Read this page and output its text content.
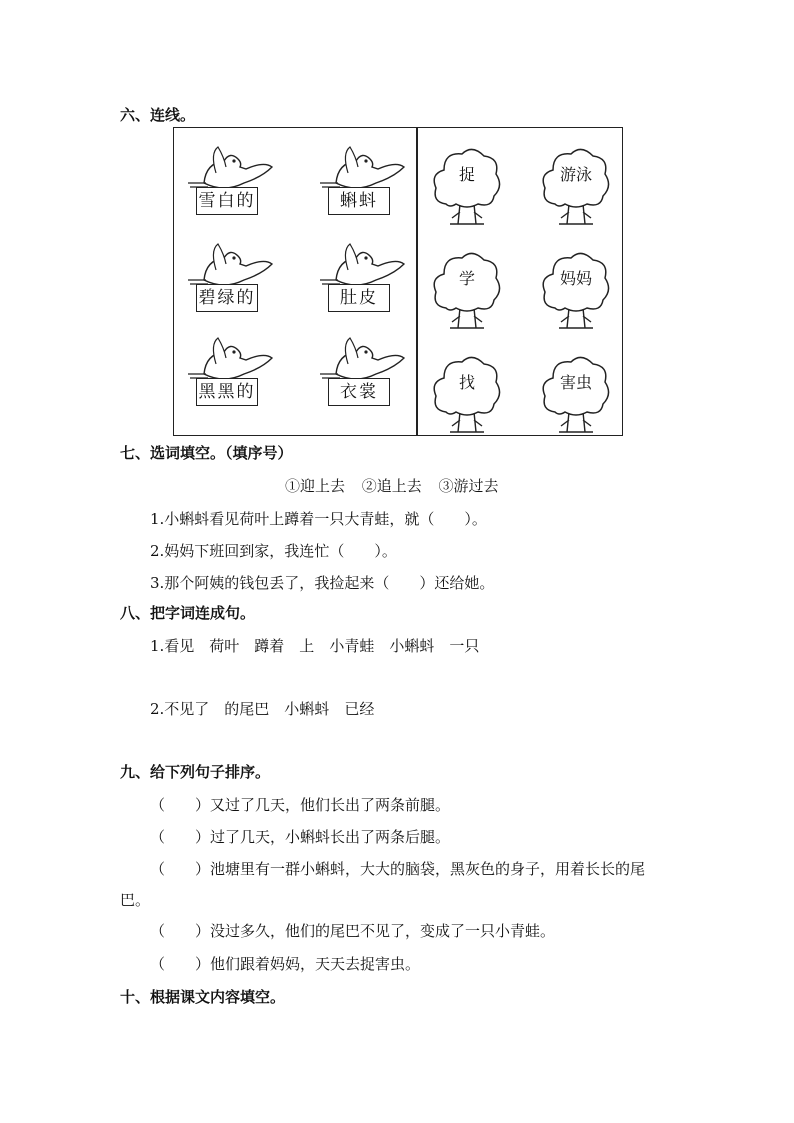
六、连线。
雪白的	蝌蚪
碧绿的	肚皮
黑黑的	衣裳
捉	游泳
学	妈妈
找	害虫
七、选词填空。（填序号）
①迎上去 ②追上去 ③游过去
1.小蝌蚪看见荷叶上蹲着一只大青蛙，就（　　）。
2.妈妈下班回到家，我连忙（　　）。
3.那个阿姨的钱包丢了，我捡起来（　　）还给她。
八、把字词连成句。
1.看见　荷叶　蹲着　上　小青蛙　小蝌蚪　一只
2.不见了　的尾巴　小蝌蚪　已经
九、给下列句子排序。
（　　）又过了几天，他们长出了两条前腿。
（　　）过了几天，小蝌蚪长出了两条后腿。
（　　）池塘里有一群小蝌蚪，大大的脑袋，黑灰色的身子，用着长长的尾
巴。
（　　）没过多久，他们的尾巴不见了，变成了一只小青蛙。
（　　）他们跟着妈妈，天天去捉害虫。
十、根据课文内容填空。
